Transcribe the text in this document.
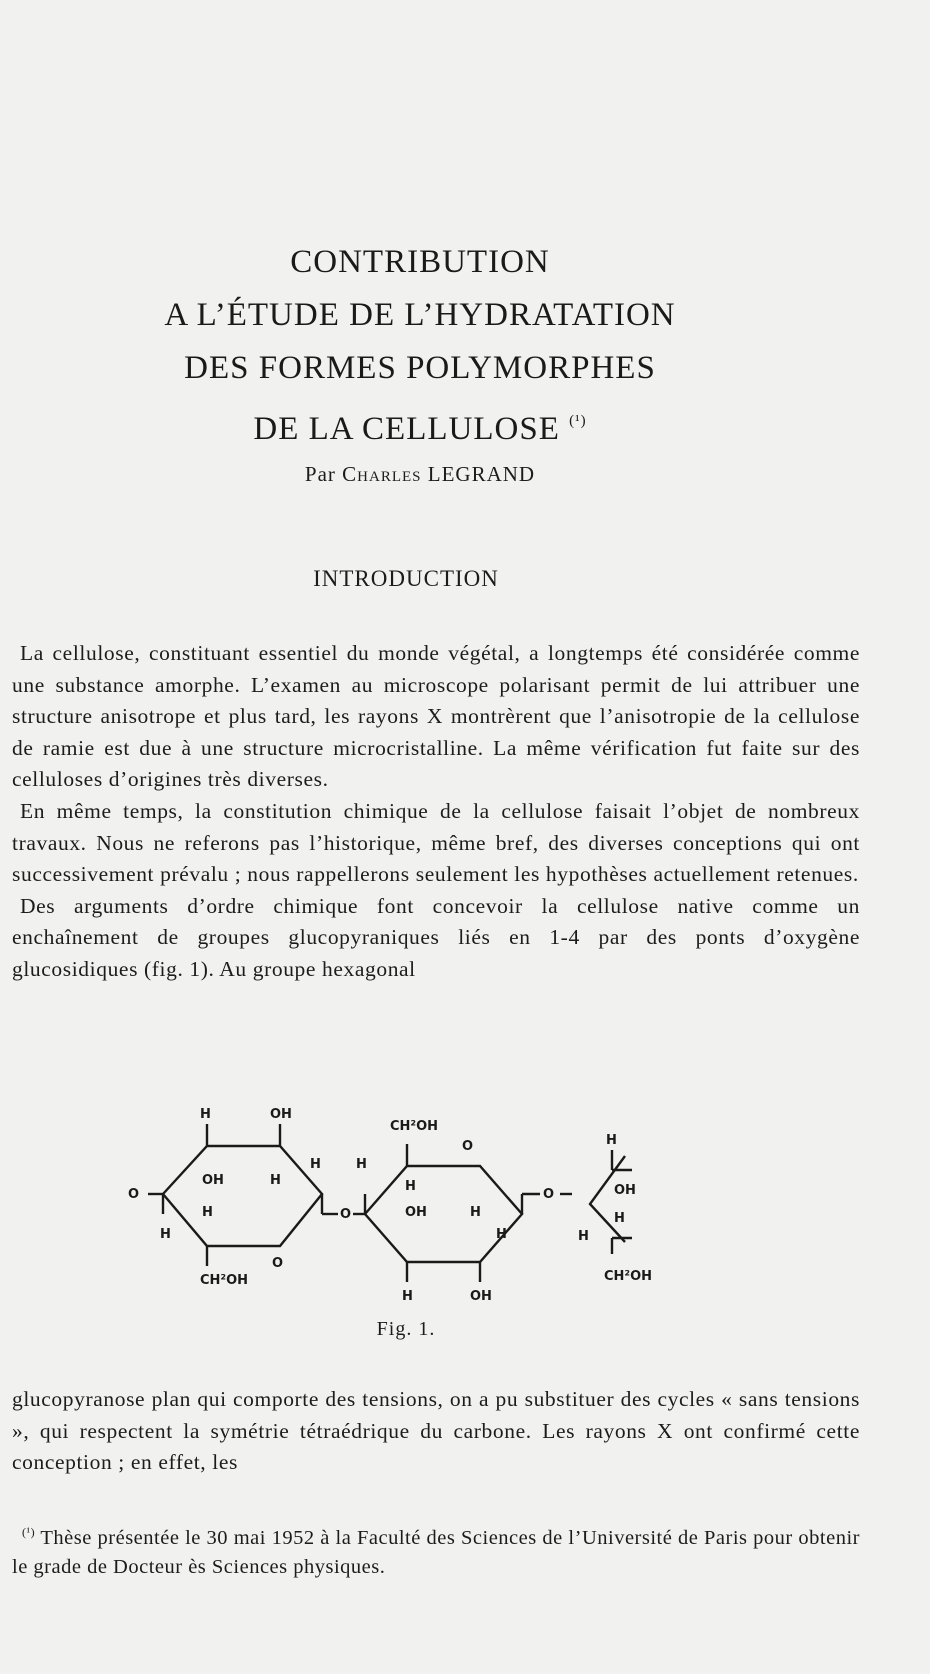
CONTRIBUTION
A L’ÉTUDE DE L’HYDRATATION
DES FORMES POLYMORPHES
DE LA CELLULOSE $^{(^1)}$
Par Charles LEGRAND
INTRODUCTION

La cellulose, constituant essentiel du monde végétal, a longtemps été considérée comme une substance amorphe. L’examen au microscope polarisant permit de lui attribuer une structure anisotrope et plus tard, les rayons X montrèrent que l’anisotropie de la cellulose de ramie est due à une structure microcristalline. La même vérification fut faite sur des celluloses d’origines très diverses.

En même temps, la constitution chimique de la cellulose faisait l’objet de nombreux travaux. Nous ne referons pas l’historique, même bref, des diverses conceptions qui ont successivement prévalu ; nous rappellerons seulement les hypothèses actuellement retenues.

Des arguments d’ordre chimique font concevoir la cellulose native comme un enchaînement de groupes glucopyraniques liés en 1-4 par des ponts d’oxygène glucosidiques (fig. 1). Au groupe hexagonal

H	OH
O
OH	H
H
H
H
O
CH²OH
O
CH²OH
O
H
H
OH	H
H
H	OH
O
H
OH
H
H
CH²OH
Fig. 1.

glucopyranose plan qui comporte des tensions, on a pu substituer des cycles « sans tensions », qui respectent la symétrie tétraédrique du carbone. Les rayons X ont confirmé cette conception ; en effet, les

$^{(^1)}$ Thèse présentée le 30 mai 1952 à la Faculté des Sciences de l’Université de Paris pour obtenir le grade de Docteur ès Sciences physiques.
